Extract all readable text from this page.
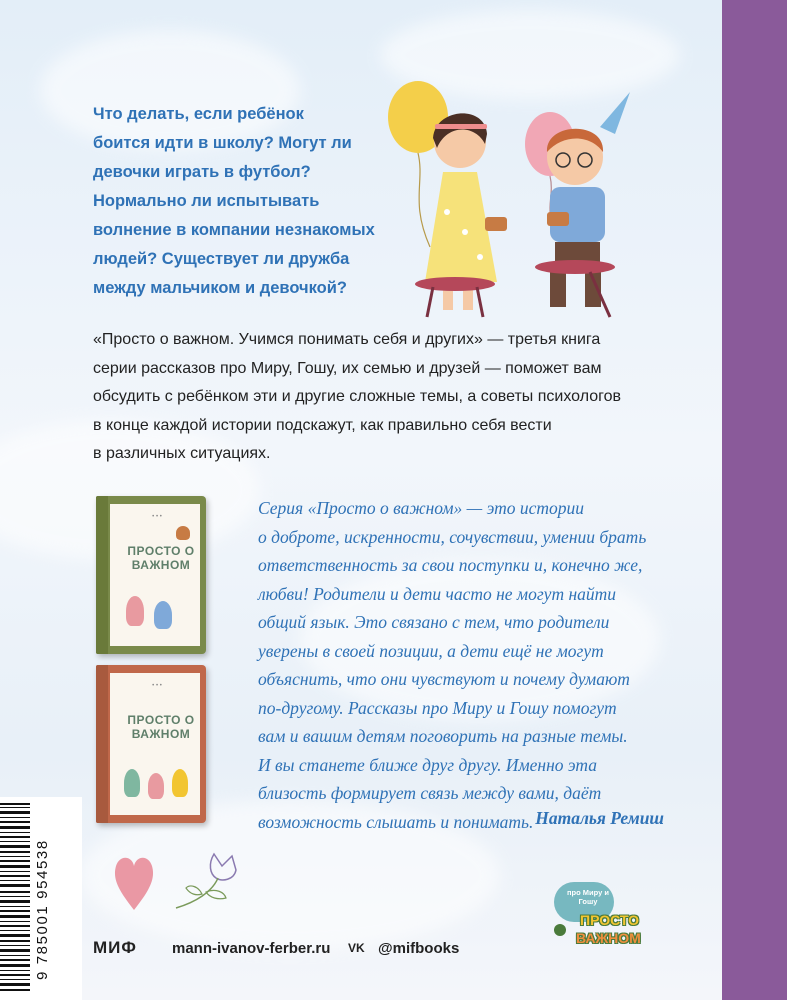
Что делать, если ребёнок
боится идти в школу? Могут ли
девочки играть в футбол?
Нормально ли испытывать
волнение в компании незнакомых
людей? Существует ли дружба
между мальчиком и девочкой?

«Просто о важном. Учимся понимать себя и других» — третья книга
серии рассказов про Миру, Гошу, их семью и друзей — поможет вам
обсудить с ребёнком эти и другие сложные темы, а советы психологов
в конце каждой истории подскажут, как правильно себя вести
в различных ситуациях.

• • •
ПРОСТО О ВАЖНОМ
• • •
ПРОСТО О ВАЖНОМ

Серия «Просто о важном» — это истории
о доброте, искренности, сочувствии, умении брать
ответственность за свои поступки и, конечно же,
любви! Родители и дети часто не могут найти
общий язык. Это связано с тем, что родители
уверены в своей позиции, а дети ещё не могут
объяснить, что они чувствуют и почему думают
по-другому. Рассказы про Миру и Гошу помогут
вам и вашим детям поговорить на разные темы.
И вы станете ближе друг другу. Именно эта
близость формирует связь между вами, даёт
возможность слышать и понимать. Наталья Ремиш
9 785001 954538 МИФ mann-ivanov-ferber.ru VK @mifbooks
про Миру и Гошу
ПРОСТО
ВАЖНОМ
